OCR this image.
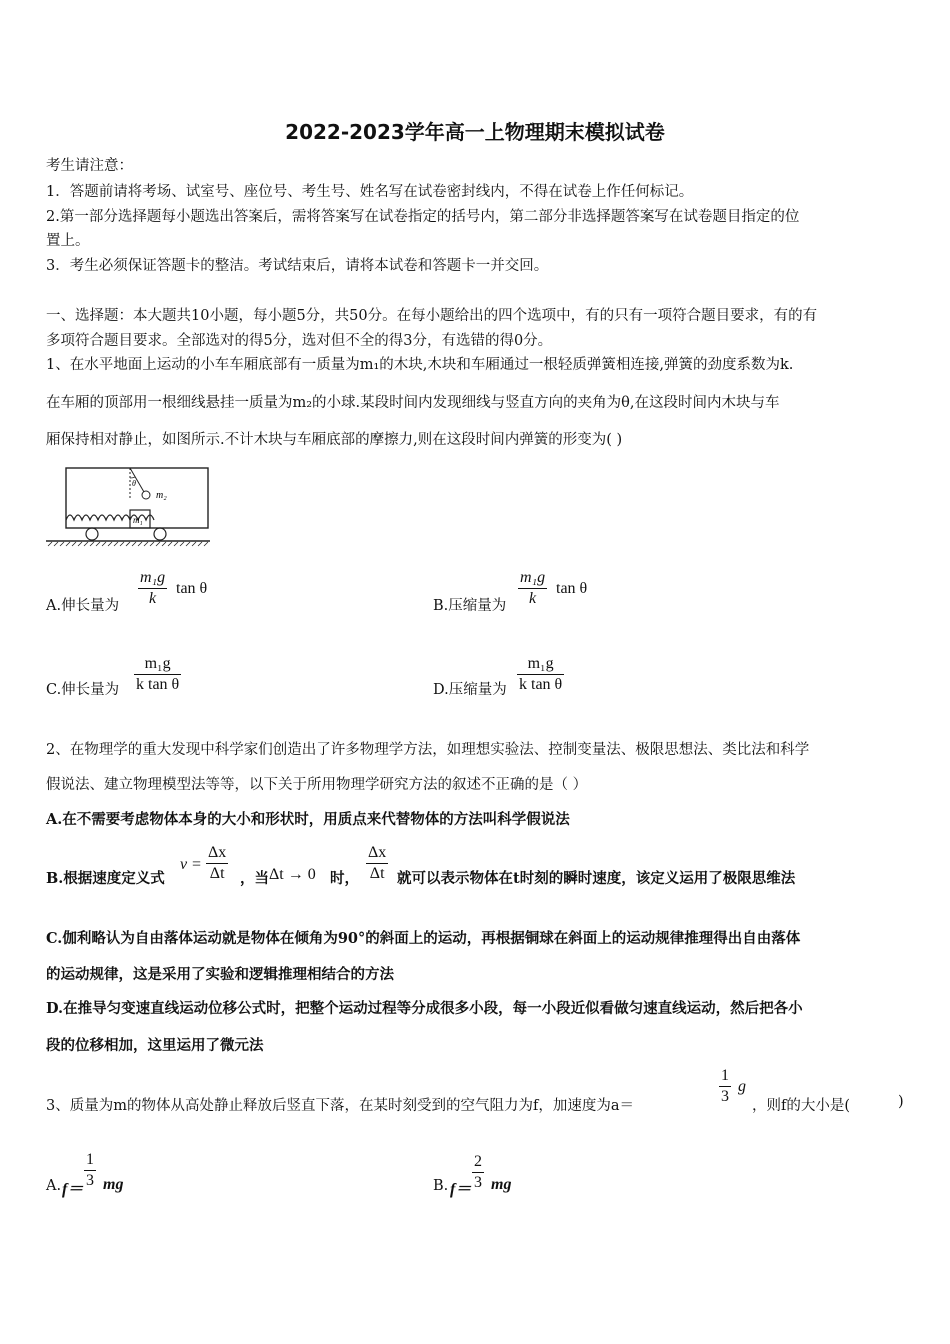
2022-2023学年高一上物理期末模拟试卷
考生请注意：
1．答题前请将考场、试室号、座位号、考生号、姓名写在试卷密封线内，不得在试卷上作任何标记。
2.第一部分选择题每小题选出答案后，需将答案写在试卷指定的括号内，第二部分非选择题答案写在试卷题目指定的位
置上。
3．考生必须保证答题卡的整洁。考试结束后，请将本试卷和答题卡一并交回。
一、选择题：本大题共10小题，每小题5分，共50分。在每小题给出的四个选项中，有的只有一项符合题目要求，有的有
多项符合题目要求。全部选对的得5分，选对但不全的得3分，有选错的得0分。
1、在水平地面上运动的小车车厢底部有一质量为m₁的木块,木块和车厢通过一根轻质弹簧相连接,弹簧的劲度系数为k.
在车厢的顶部用一根细线悬挂一质量为m₂的小球.某段时间内发现细线与竖直方向的夹角为θ,在这段时间内木块与车
厢保持相对静止，如图所示.不计木块与车厢底部的摩擦力,则在这段时间内弹簧的形变为( )
θ
m₂
m₁
A.伸长量为 $\frac{\text{m₁g}}{k}$ tan θ
B.压缩量为 $\frac{\text{m₁g}}{k}$ tan θ
C.伸长量为 $\frac{\text{m₁g}}{\text{k tan θ}}$	D.压缩量为 $\frac{\text{m₁g}}{\text{k tan θ}}$
2、在物理学的重大发现中科学家们创造出了许多物理学方法，如理想实验法、控制变量法、极限思想法、类比法和科学
假说法、建立物理模型法等等，以下关于所用物理学研究方法的叙述不正确的是（ ）
A.在不需要考虑物体本身的大小和形状时，用质点来代替物体的方法叫科学假说法
B.根据速度定义式
$v = \frac{\Delta x}{\Delta t}$ ，当 Δt → 0 时， $\frac{\Delta x}{\Delta t}$ 就可以表示物体在t时刻的瞬时速度，该定义运用了极限思维法
C.伽利略认为自由落体运动就是物体在倾角为90°的斜面上的运动，再根据铜球在斜面上的运动规律推理得出自由落体
的运动规律，这是采用了实验和逻辑推理相结合的方法
D.在推导匀变速直线运动位移公式时，把整个运动过程等分成很多小段，每一小段近似看做匀速直线运动，然后把各小
段的位移相加，这里运用了微元法
3、质量为m的物体从高处静止释放后竖直下落，在某时刻受到的空气阻力为f，加速度为a＝	$\frac{1}{3}$ g
，则f的大小是(	)
A. $f= \frac{1}{3}$ mg	B. $f= \frac{2}{3}$ mg
